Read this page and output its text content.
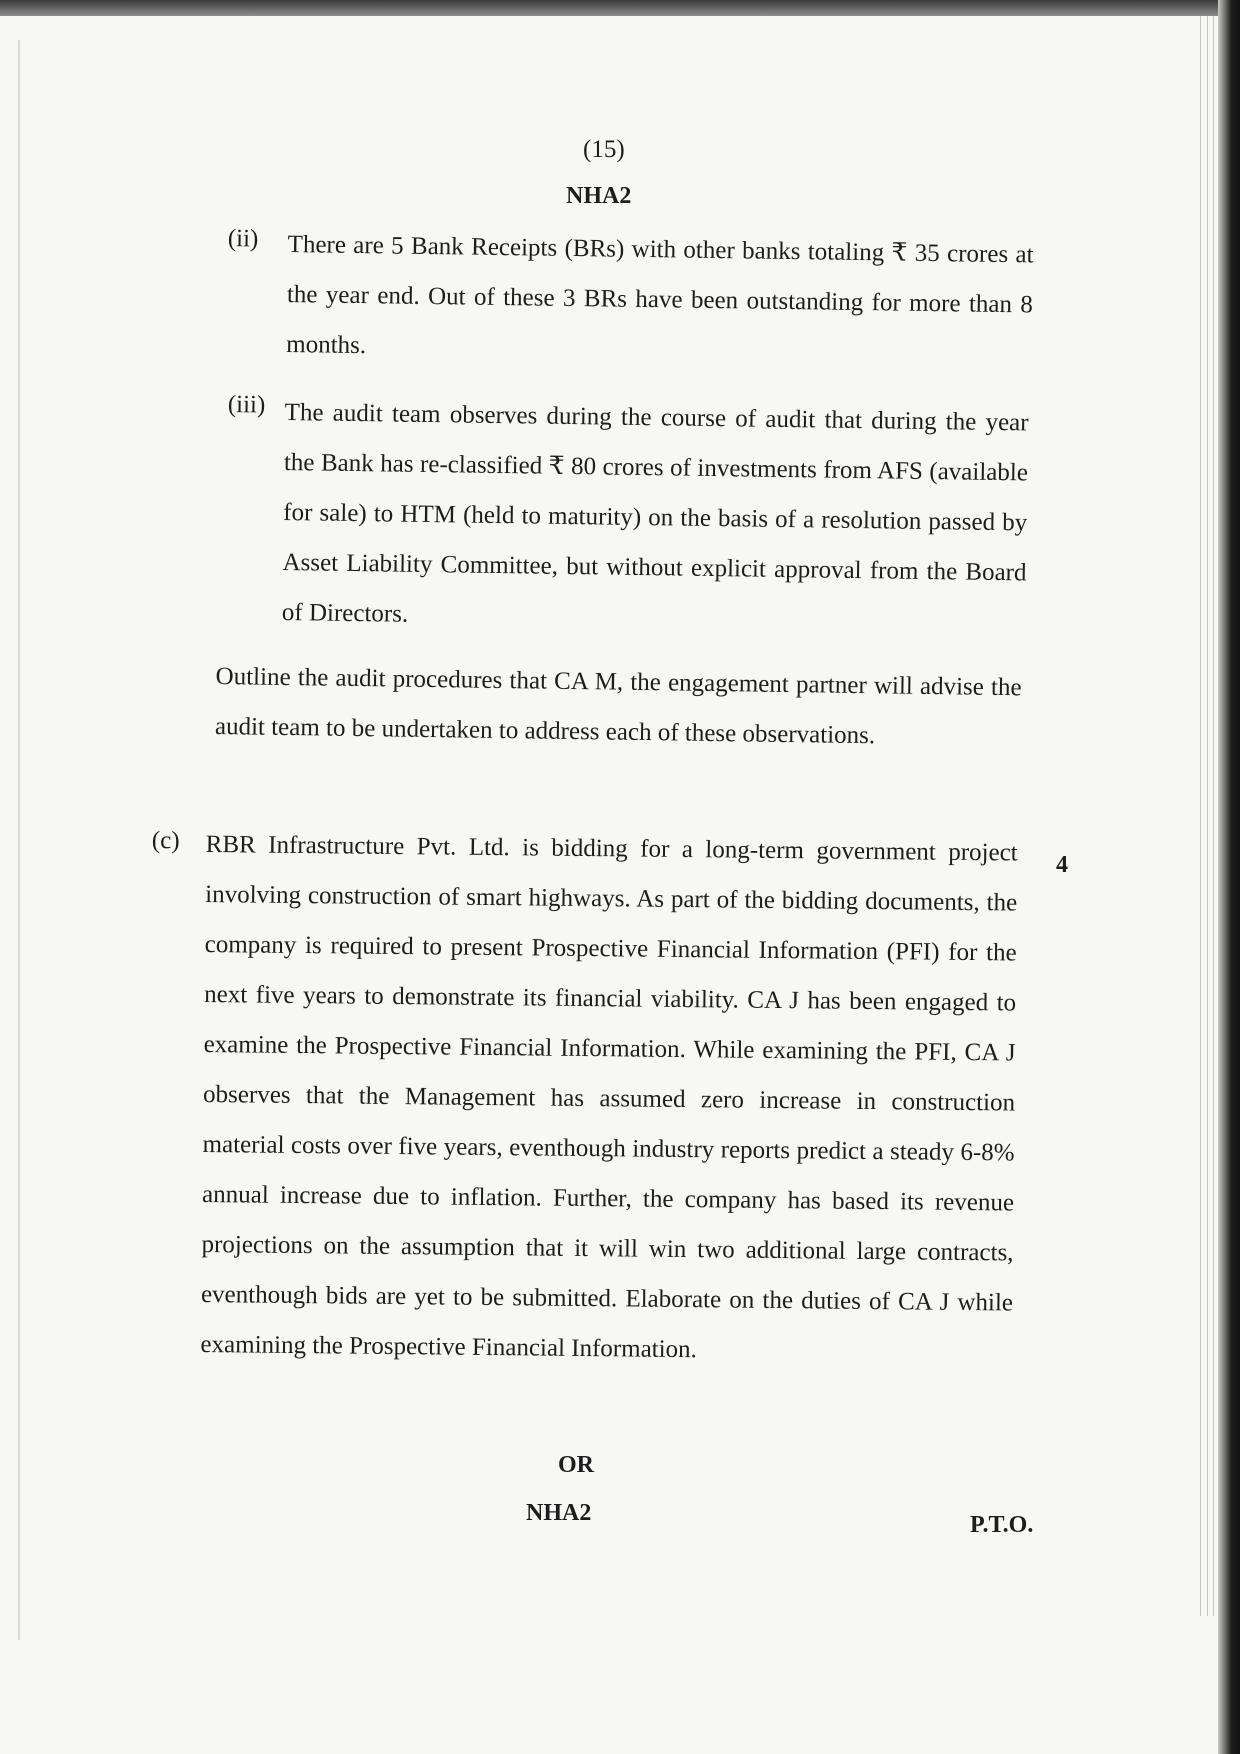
(15)
NHA2
(ii) There are 5 Bank Receipts (BRs) with other banks totaling ₹ 35 crores at the year end. Out of these 3 BRs have been outstanding for more than 8 months.
(iii) The audit team observes during the course of audit that during the year the Bank has re-classified ₹ 80 crores of investments from AFS (available for sale) to HTM (held to maturity) on the basis of a resolution passed by Asset Liability Committee, but without explicit approval from the Board of Directors.
Outline the audit procedures that CA M, the engagement partner will advise the audit team to be undertaken to address each of these observations.
(c)
4
RBR Infrastructure Pvt. Ltd. is bidding for a long-term government project involving construction of smart highways. As part of the bidding documents, the company is required to present Prospective Financial Information (PFI) for the next five years to demonstrate its financial viability. CA J has been engaged to examine the Prospective Financial Information. While examining the PFI, CA J observes that the Management has assumed zero increase in construction material costs over five years, eventhough industry reports predict a steady 6-8% annual increase due to inflation. Further, the company has based its revenue projections on the assumption that it will win two additional large contracts, eventhough bids are yet to be submitted. Elaborate on the duties of CA J while examining the Prospective Financial Information.
OR
NHA2	P.T.O.
